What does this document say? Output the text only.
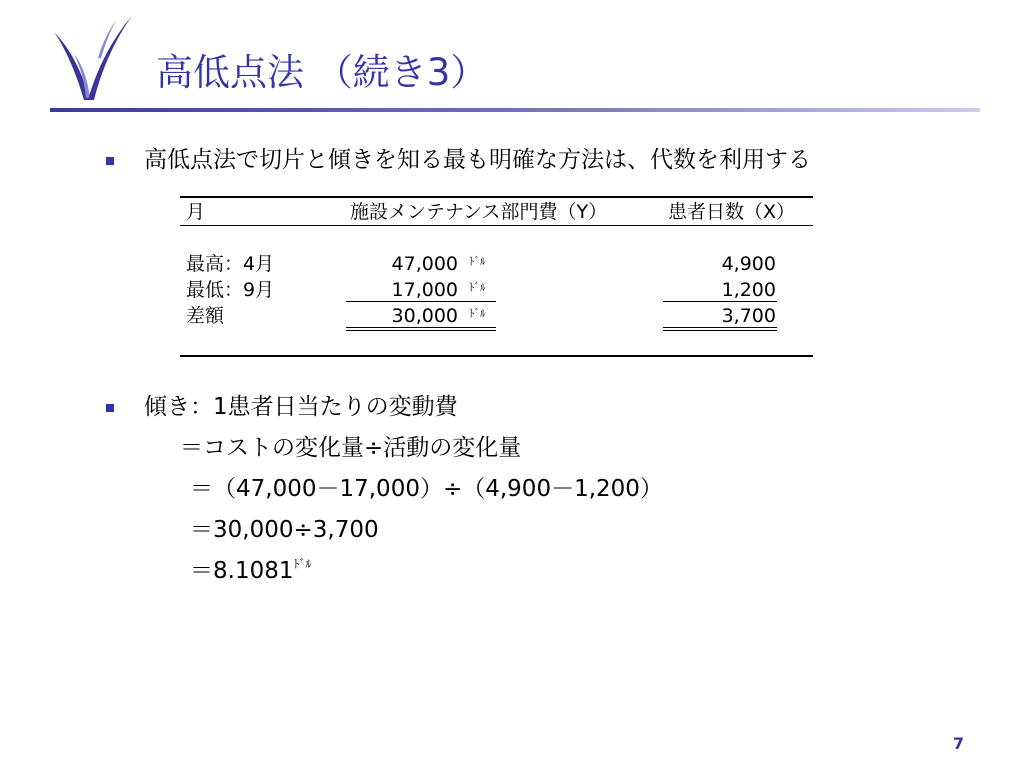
高低点法 （続き3）
高低点法で切片と傾きを知る最も明確な方法は、代数を利用する
月	施設メンテナンス部門費（Y）	患者日数（X）
最高：4月	47,000 ﾄﾞﾙ	4,900
最低：9月	17,000 ﾄﾞﾙ	1,200
差額	30,000 ﾄﾞﾙ	3,700
傾き：1患者日当たりの変動費
＝コストの変化量÷活動の変化量
＝（47,000－17,000）÷（4,900－1,200）
＝30,000÷3,700
$=8.1081^{ﾄﾞﾙ}$
7
